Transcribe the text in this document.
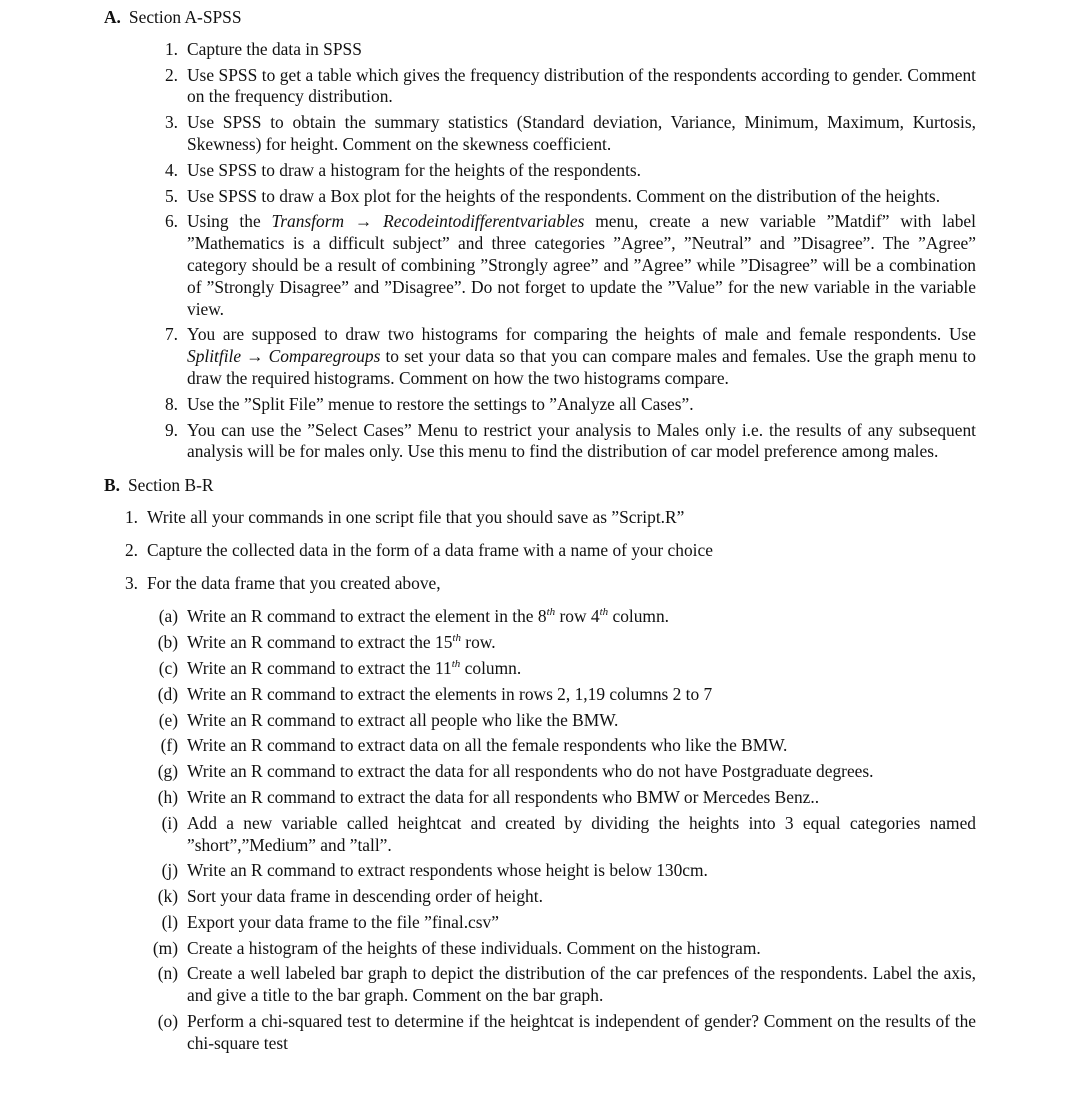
A. Section A-SPSS
1. Capture the data in SPSS
2. Use SPSS to get a table which gives the frequency distribution of the respondents according to gender. Comment on the frequency distribution.
3. Use SPSS to obtain the summary statistics (Standard deviation, Variance, Minimum, Maximum, Kurtosis, Skewness) for height. Comment on the skewness coefficient.
4. Use SPSS to draw a histogram for the heights of the respondents.
5. Use SPSS to draw a Box plot for the heights of the respondents. Comment on the distribution of the heights.
6. Using the Transform → Recodeintodifferentvariables menu, create a new variable ”Matdif” with label ”Mathematics is a difficult subject” and three categories ”Agree”, ”Neutral” and ”Disagree”. The ”Agree” category should be a result of combining ”Strongly agree” and ”Agree” while ”Disagree” will be a combination of ”Strongly Disagree” and ”Disagree”. Do not forget to update the ”Value” for the new variable in the variable view.
7. You are supposed to draw two histograms for comparing the heights of male and female respondents. Use Splitfile → Comparegroups to set your data so that you can compare males and females. Use the graph menu to draw the required histograms. Comment on how the two histograms compare.
8. Use the ”Split File” menue to restore the settings to ”Analyze all Cases”.
9. You can use the ”Select Cases” Menu to restrict your analysis to Males only i.e. the results of any subsequent analysis will be for males only. Use this menu to find the distribution of car model preference among males.
B. Section B-R
1. Write all your commands in one script file that you should save as ”Script.R”
2. Capture the collected data in the form of a data frame with a name of your choice
3. For the data frame that you created above,
(a) Write an R command to extract the element in the 8th row 4th column.
(b) Write an R command to extract the 15th row.
(c) Write an R command to extract the 11th column.
(d) Write an R command to extract the elements in rows 2, 1,19 columns 2 to 7
(e) Write an R command to extract all people who like the BMW.
(f) Write an R command to extract data on all the female respondents who like the BMW.
(g) Write an R command to extract the data for all respondents who do not have Postgraduate degrees.
(h) Write an R command to extract the data for all respondents who BMW or Mercedes Benz..
(i) Add a new variable called heightcat and created by dividing the heights into 3 equal categories named ”short”,”Medium” and ”tall”.
(j) Write an R command to extract respondents whose height is below 130cm.
(k) Sort your data frame in descending order of height.
(l) Export your data frame to the file ”final.csv”
(m) Create a histogram of the heights of these individuals. Comment on the histogram.
(n) Create a well labeled bar graph to depict the distribution of the car prefences of the respondents. Label the axis, and give a title to the bar graph. Comment on the bar graph.
(o) Perform a chi-squared test to determine if the heightcat is independent of gender? Comment on the results of the chi-square test
